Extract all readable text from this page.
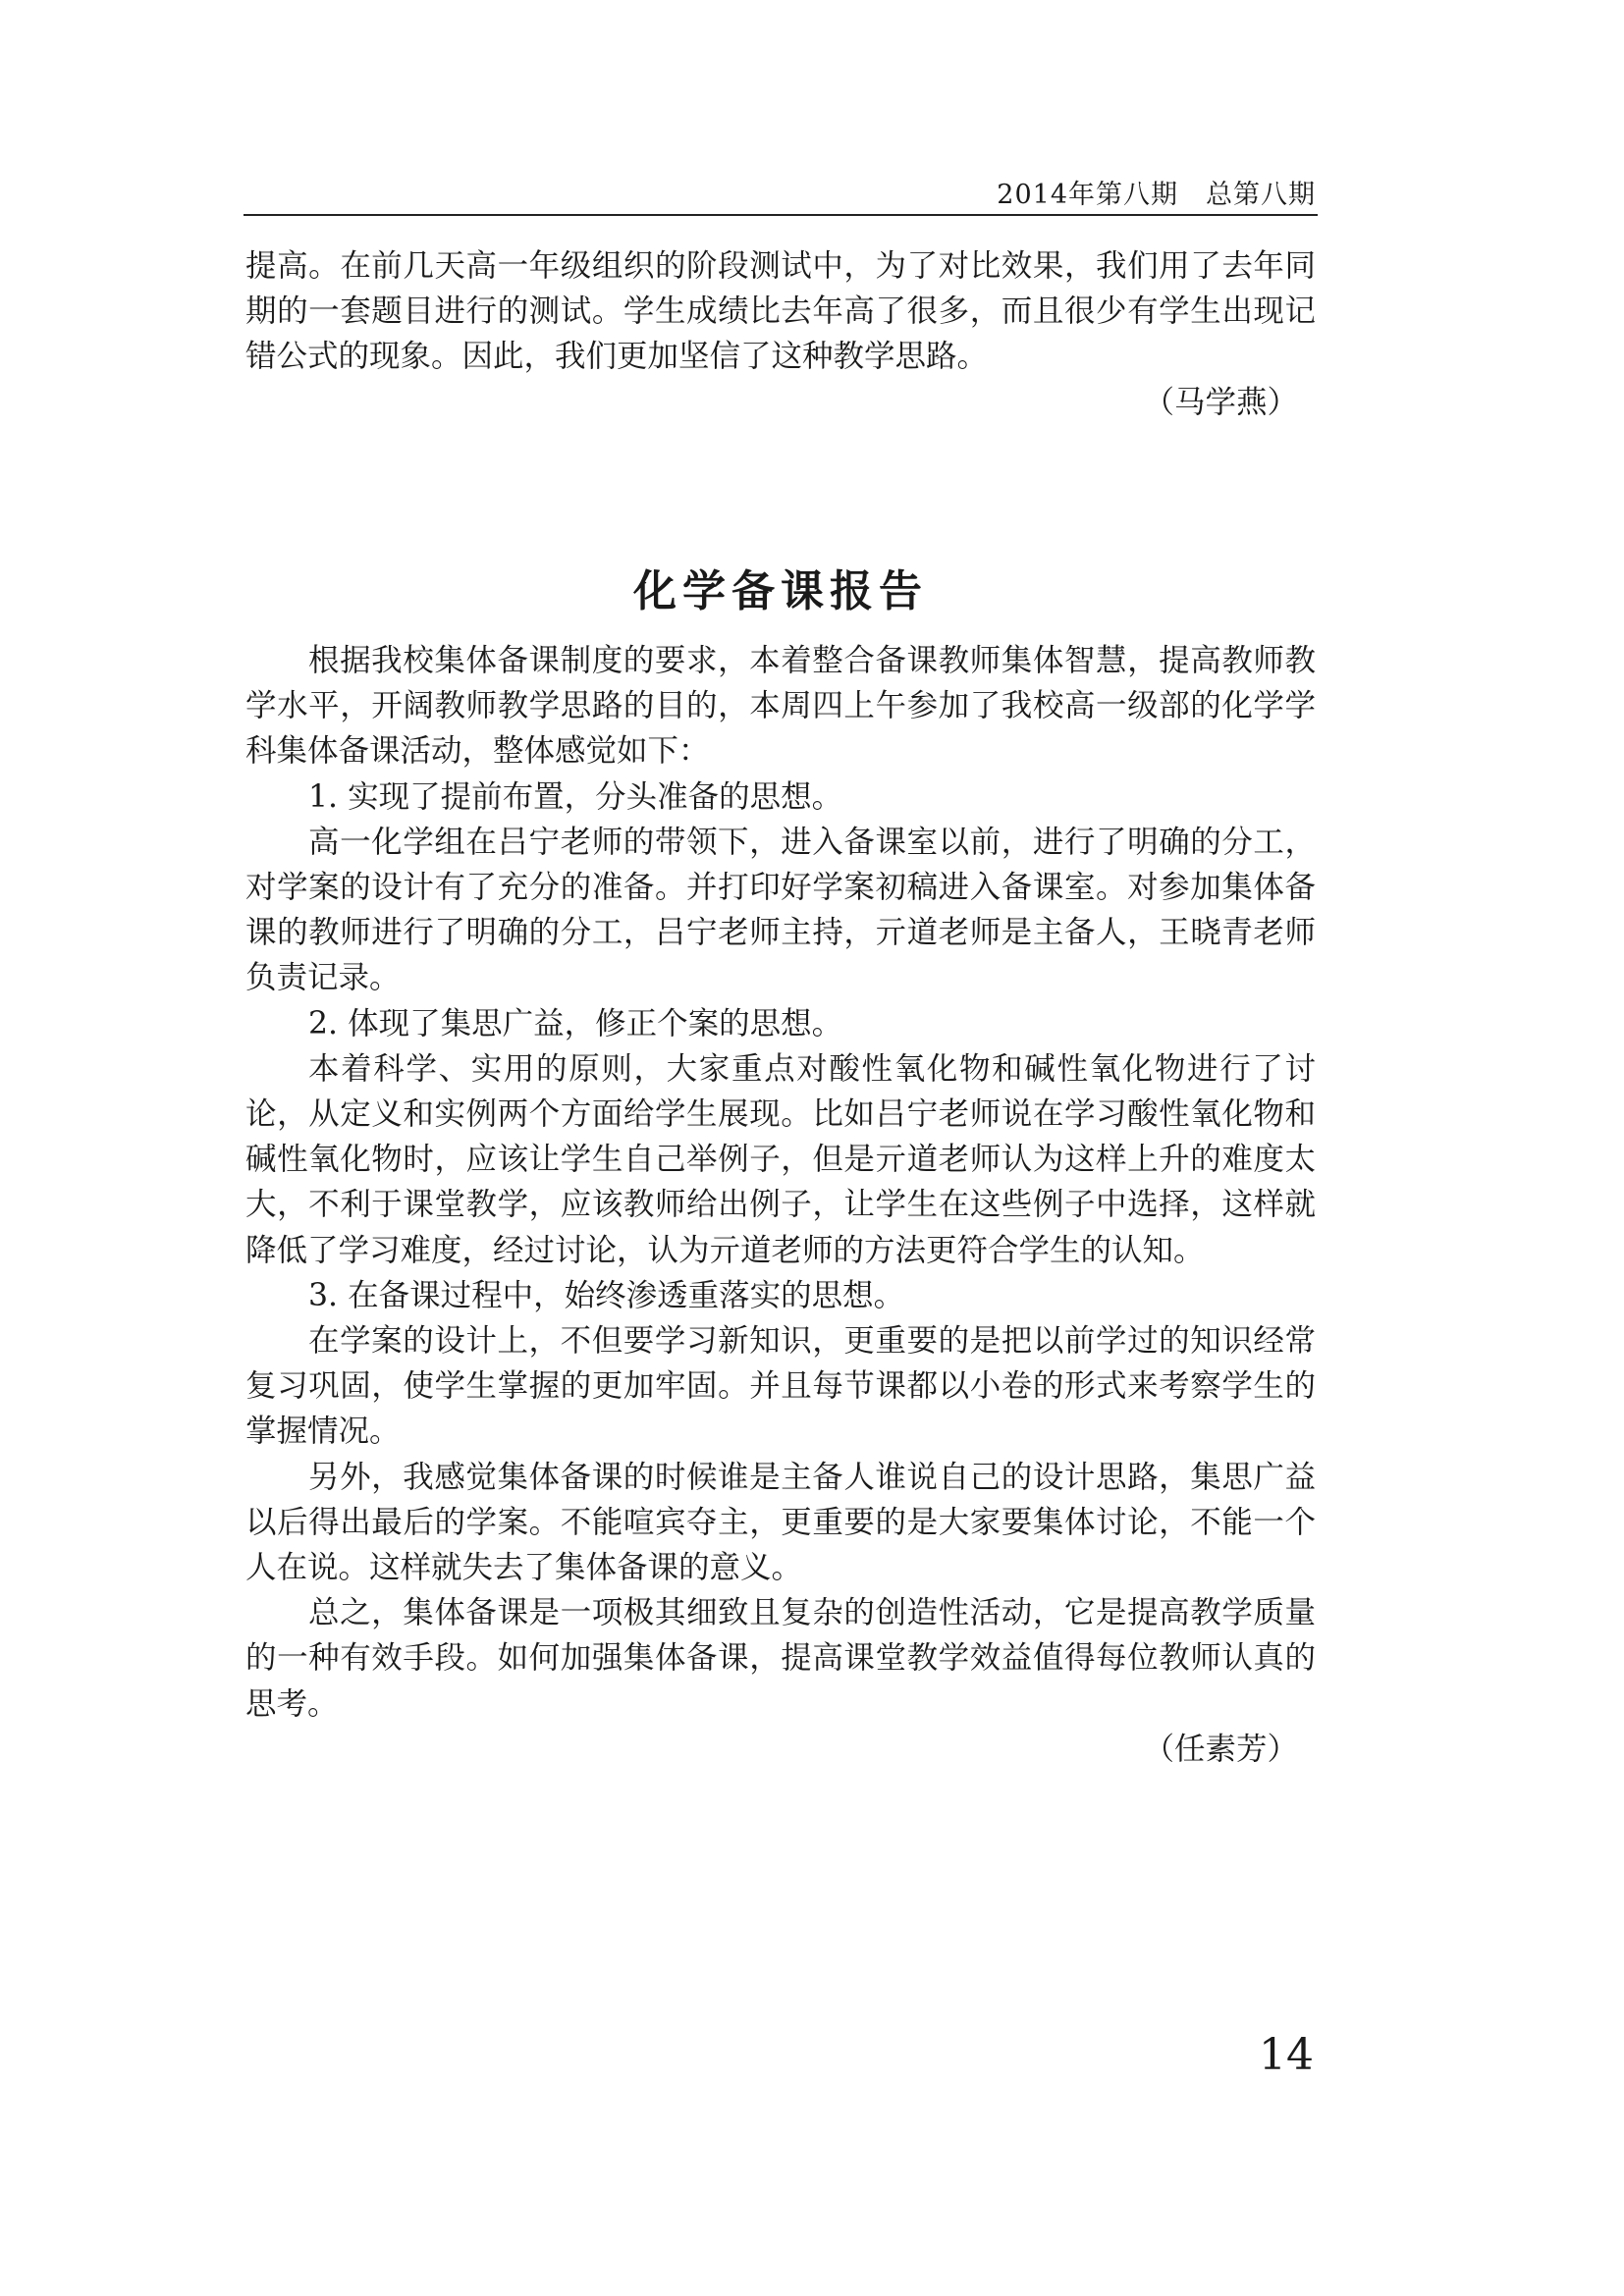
2014年第八期　总第八期

提高。在前几天高一年级组织的阶段测试中，为了对比效果，我们用了去年同期的一套题目进行的测试。学生成绩比去年高了很多，而且很少有学生出现记错公式的现象。因此，我们更加坚信了这种教学思路。

（马学燕）

化学备课报告

根据我校集体备课制度的要求，本着整合备课教师集体智慧，提高教师教学水平，开阔教师教学思路的目的，本周四上午参加了我校高一级部的化学学科集体备课活动，整体感觉如下：

1. 实现了提前布置，分头准备的思想。

高一化学组在吕宁老师的带领下，进入备课室以前，进行了明确的分工，对学案的设计有了充分的准备。并打印好学案初稿进入备课室。对参加集体备课的教师进行了明确的分工，吕宁老师主持，亓道老师是主备人，王晓青老师负责记录。

2. 体现了集思广益，修正个案的思想。

本着科学、实用的原则，大家重点对酸性氧化物和碱性氧化物进行了讨论，从定义和实例两个方面给学生展现。比如吕宁老师说在学习酸性氧化物和碱性氧化物时，应该让学生自己举例子，但是亓道老师认为这样上升的难度太大，不利于课堂教学，应该教师给出例子，让学生在这些例子中选择，这样就降低了学习难度，经过讨论，认为亓道老师的方法更符合学生的认知。

3. 在备课过程中，始终渗透重落实的思想。

在学案的设计上，不但要学习新知识，更重要的是把以前学过的知识经常复习巩固，使学生掌握的更加牢固。并且每节课都以小卷的形式来考察学生的掌握情况。

另外，我感觉集体备课的时候谁是主备人谁说自己的设计思路，集思广益以后得出最后的学案。不能喧宾夺主，更重要的是大家要集体讨论，不能一个人在说。这样就失去了集体备课的意义。

总之，集体备课是一项极其细致且复杂的创造性活动，它是提高教学质量的一种有效手段。如何加强集体备课，提高课堂教学效益值得每位教师认真的思考。

（任素芳）

14
